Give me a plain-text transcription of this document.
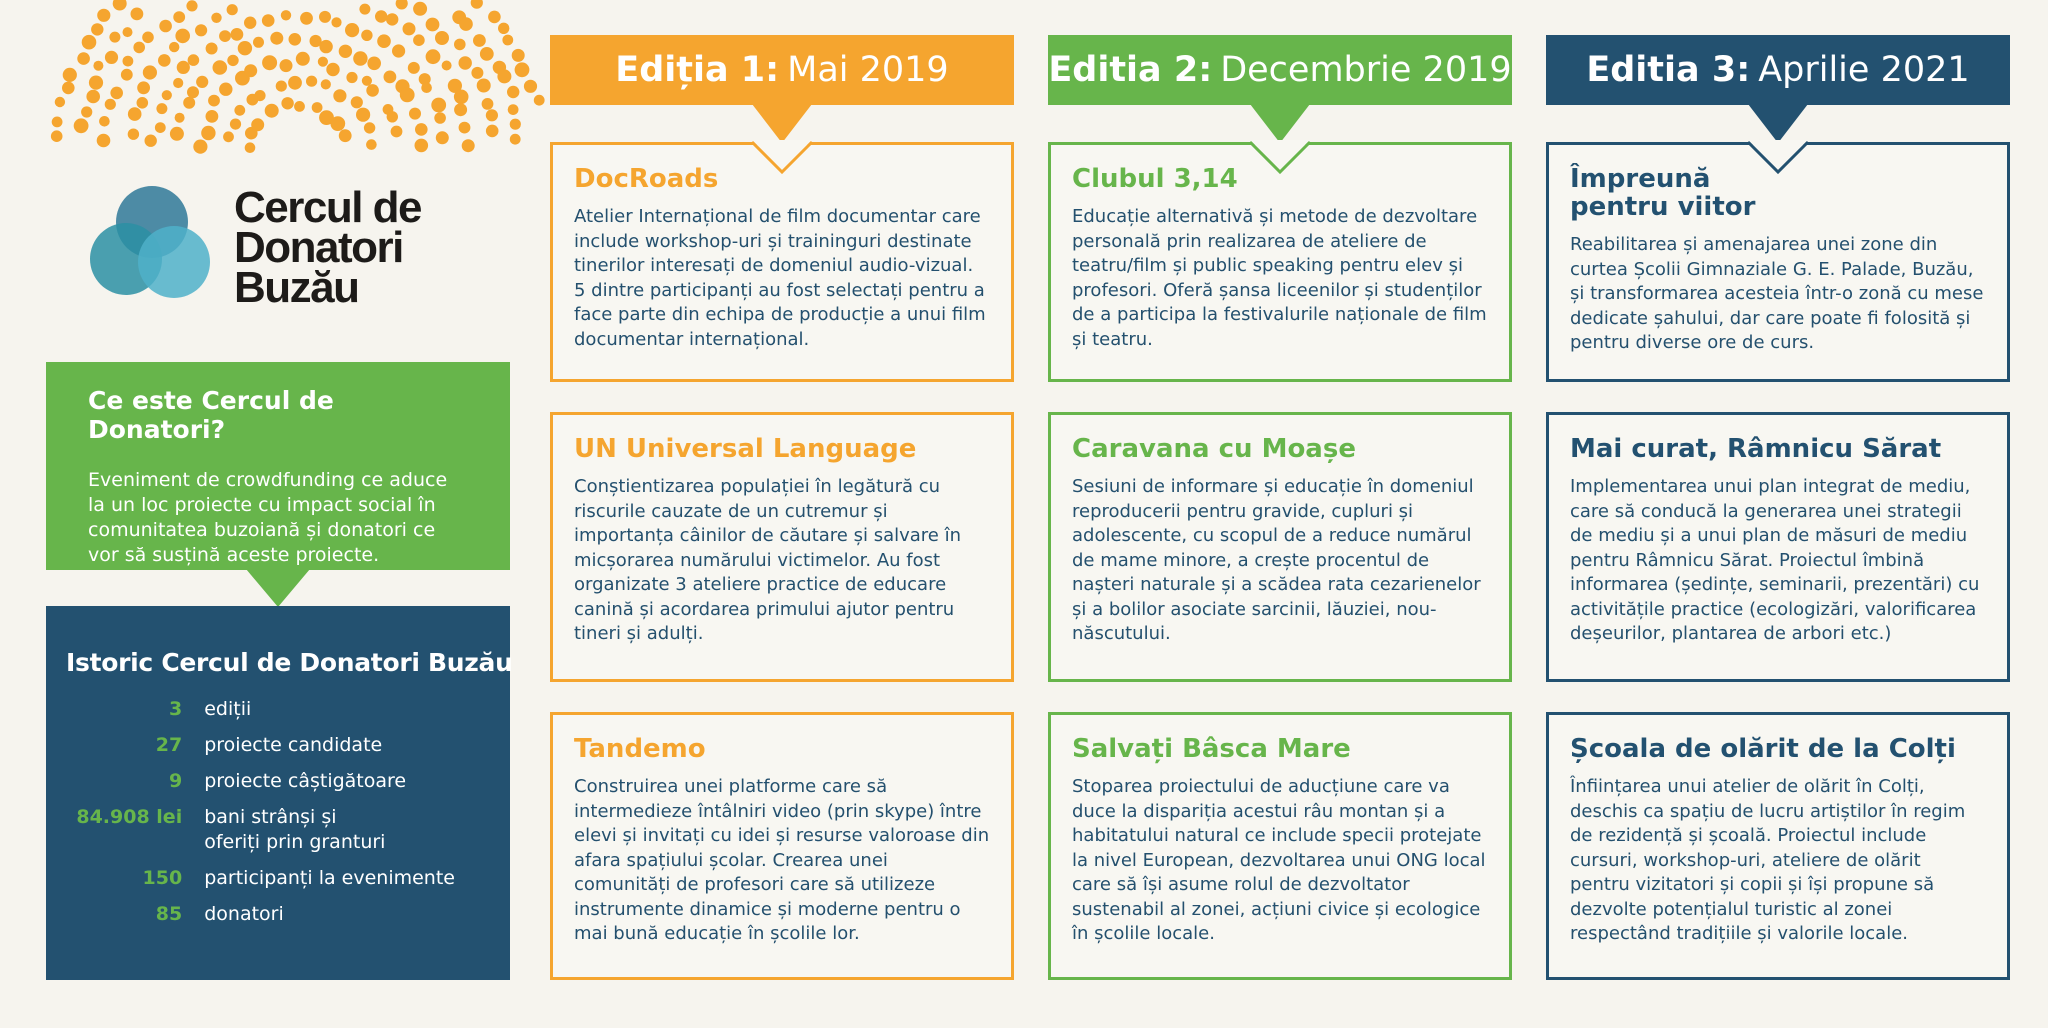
Cercul de
Donatori
Buzău
Ce este Cercul de Donatori?

Eveniment de crowdfunding ce aduce la un loc proiecte cu impact social în comunitatea buzoiană și donatori ce vor să susțină aceste proiecte.

Istoric Cercul de Donatori Buzău
3	ediții
27	proiecte candidate
9	proiecte câștigătoare
84.908 lei	bani strânși și
oferiți prin granturi
150	participanți la evenimente
85	donatori
Ediția 1: Mai 2019
DocRoads

Atelier Internațional de film documentar care include workshop-uri și traininguri destinate tinerilor interesați de domeniul audio-vizual. 5 dintre participanți au fost selectați pentru a face parte din echipa de producție a unui film documentar internațional.

UN Universal Language

Conștientizarea populației în legătură cu riscurile cauzate de un cutremur și importanța câinilor de căutare și salvare în micșorarea numărului victimelor. Au fost organizate 3 ateliere practice de educare canină și acordarea primului ajutor pentru tineri și adulți.

Tandemo

Construirea unei platforme care să intermedieze întâlniri video (prin skype) între elevi și invitați cu idei și resurse valoroase din afara spațiului școlar. Crearea unei comunități de profesori care să utilizeze instrumente dinamice și moderne pentru o mai bună educație în școlile lor.

Editia 2: Decembrie 2019
Clubul 3,14

Educație alternativă și metode de dezvoltare personală prin realizarea de ateliere de teatru/film și public speaking pentru elev și profesori. Oferă șansa liceenilor și studenților de a participa la festivalurile naționale de film și teatru.

Caravana cu Moașe

Sesiuni de informare și educație în domeniul reproducerii pentru gravide, cupluri și adolescente, cu scopul de a reduce numărul de mame minore, a crește procentul de nașteri naturale și a scădea rata cezarienelor și a bolilor asociate sarcinii, lăuziei, nou-născutului.

Salvați Bâsca Mare

Stoparea proiectului de aducțiune care va duce la dispariția acestui râu montan și a habitatului natural ce include specii protejate la nivel European, dezvoltarea unui ONG local care să își asume rolul de dezvoltator sustenabil al zonei, acțiuni civice și ecologice în școlile locale.

Editia 3: Aprilie 2021
Împreună pentru viitor

Reabilitarea și amenajarea unei zone din curtea Școlii Gimnaziale G. E. Palade, Buzău, și transformarea acesteia într-o zonă cu mese dedicate șahului, dar care poate fi folosită și pentru diverse ore de curs.

Mai curat, Râmnicu Sărat

Implementarea unui plan integrat de mediu, care să conducă la generarea unei strategii de mediu și a unui plan de măsuri de mediu pentru Râmnicu Sărat. Proiectul îmbină informarea (ședințe, seminarii, prezentări) cu activitățile practice (ecologizări, valorificarea deșeurilor, plantarea de arbori etc.)

Școala de olărit de la Colți

Înființarea unui atelier de olărit în Colți, deschis ca spațiu de lucru artiștilor în regim de rezidență și școală. Proiectul include cursuri, workshop-uri, ateliere de olărit pentru vizitatori și copii și își propune să dezvolte potențialul turistic al zonei respectând tradițiile și valorile locale.
